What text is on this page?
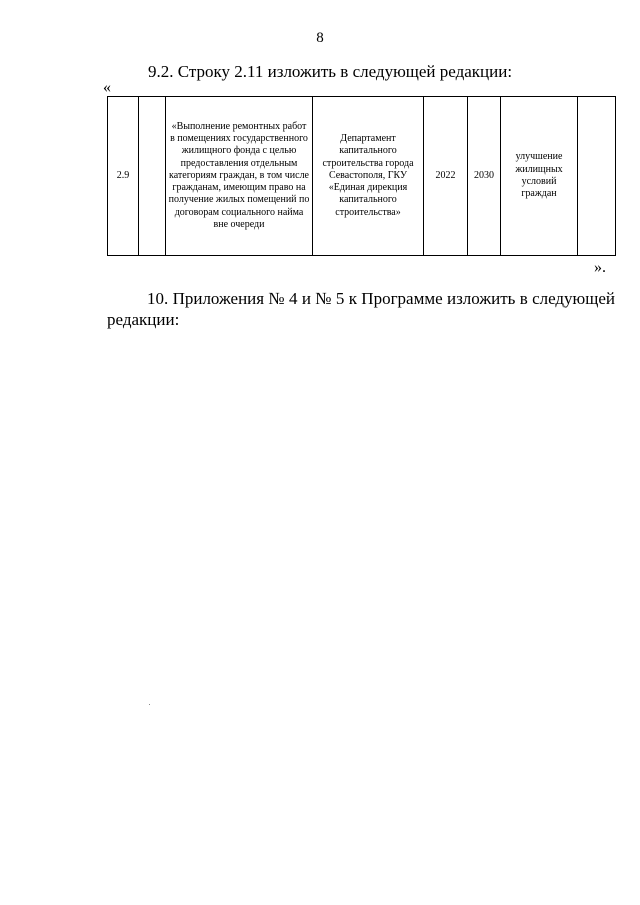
8
9.2. Строку 2.11 изложить в следующей редакции:
«
2.9		«Выполнение ремонтных работ в помещениях государственного жилищного фонда с целью предоставления отдельным категориям граждан, в том числе гражданам, имеющим право на получение жилых помещений по договорам социального найма вне очереди	Департамент капитального строительства города Севастополя, ГКУ «Единая дирекция капитального строительства»	2022	2030	улучшение жилищных условий граждан	
».
10. Приложения № 4 и № 5 к Программе изложить в следующей редакции:
